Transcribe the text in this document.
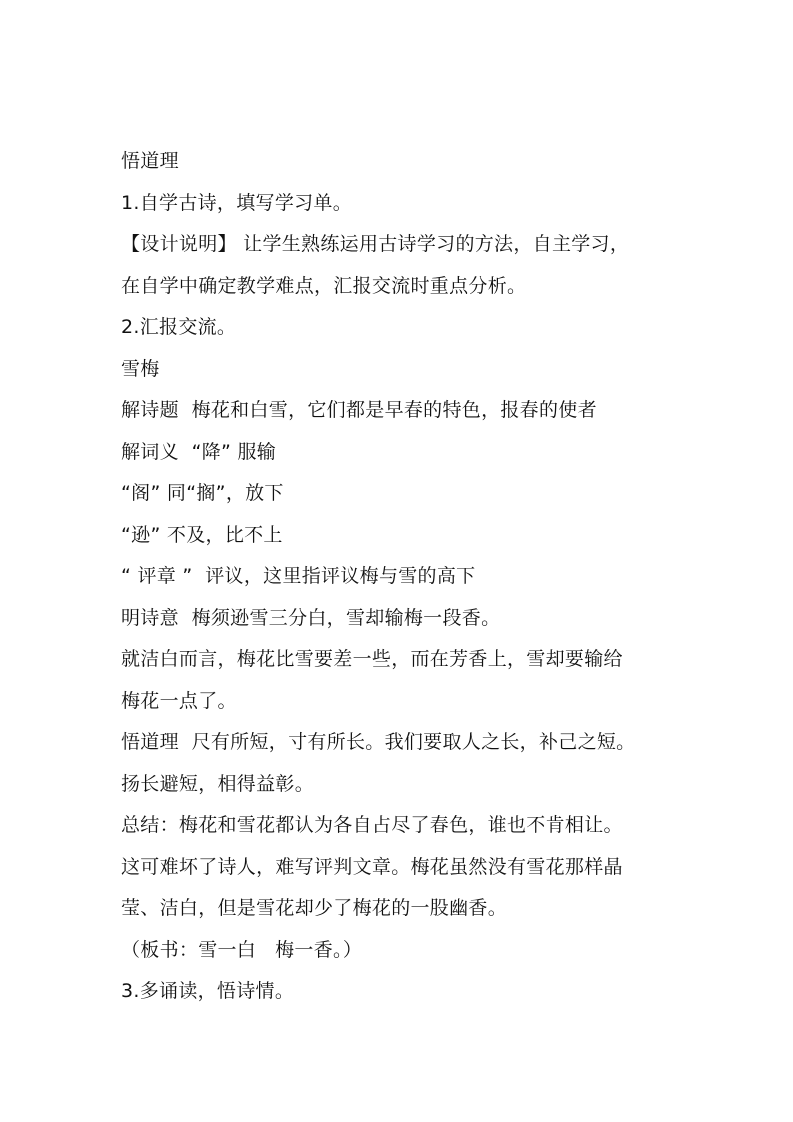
悟道理
1.自学古诗，填写学习单。
【设计说明】 让学生熟练运用古诗学习的方法，自主学习，
在自学中确定教学难点，汇报交流时重点分析。
2.汇报交流。
雪梅
解诗题  梅花和白雪，它们都是早春的特色，报春的使者
解词义  “降” 服输
“阁” 同“搁”，放下
“逊” 不及，比不上
“ 评章 ”  评议，这里指评议梅与雪的高下
明诗意  梅须逊雪三分白，雪却输梅一段香。
就洁白而言，梅花比雪要差一些，而在芳香上，雪却要输给
梅花一点了。
悟道理  尺有所短，寸有所长。我们要取人之长，补己之短。
扬长避短，相得益彰。
总结：梅花和雪花都认为各自占尽了春色，谁也不肯相让。
这可难坏了诗人，难写评判文章。梅花虽然没有雪花那样晶
莹、洁白，但是雪花却少了梅花的一股幽香。
（板书：雪一白   梅一香。）
3.多诵读，悟诗情。
